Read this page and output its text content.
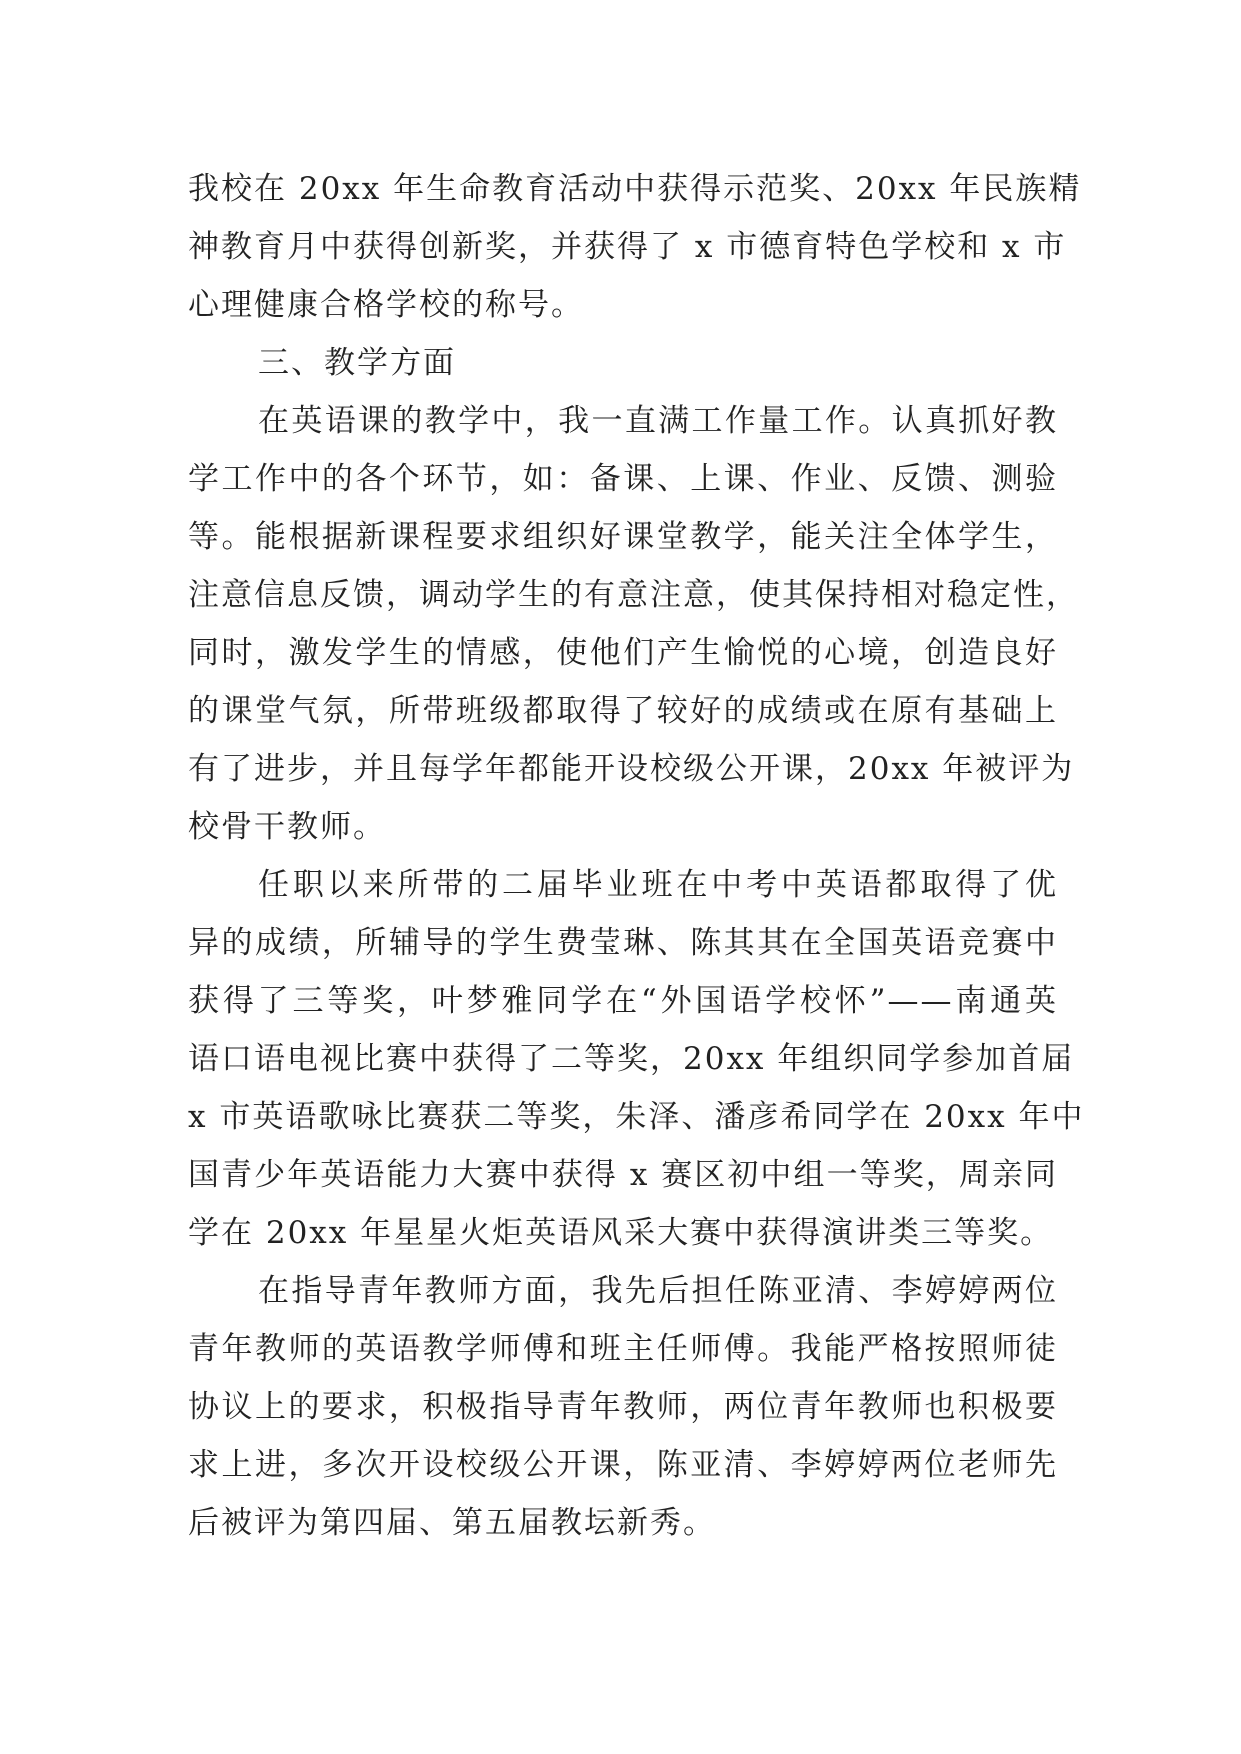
我校在 20xx 年生命教育活动中获得示范奖、20xx 年民族精
神教育月中获得创新奖，并获得了 x 市德育特色学校和 x 市
心理健康合格学校的称号。
三、教学方面
在英语课的教学中，我一直满工作量工作。认真抓好教
学工作中的各个环节，如：备课、上课、作业、反馈、测验
等。能根据新课程要求组织好课堂教学，能关注全体学生，
注意信息反馈，调动学生的有意注意，使其保持相对稳定性，
同时，激发学生的情感，使他们产生愉悦的心境，创造良好
的课堂气氛，所带班级都取得了较好的成绩或在原有基础上
有了进步，并且每学年都能开设校级公开课，20xx 年被评为
校骨干教师。
任职以来所带的二届毕业班在中考中英语都取得了优
异的成绩，所辅导的学生费莹琳、陈其其在全国英语竞赛中
获得了三等奖，叶梦雅同学在“外国语学校怀”——南通英
语口语电视比赛中获得了二等奖，20xx 年组织同学参加首届
x 市英语歌咏比赛获二等奖，朱泽、潘彦希同学在 20xx 年中
国青少年英语能力大赛中获得 x 赛区初中组一等奖，周亲同
学在 20xx 年星星火炬英语风采大赛中获得演讲类三等奖。
在指导青年教师方面，我先后担任陈亚清、李婷婷两位
青年教师的英语教学师傅和班主任师傅。我能严格按照师徒
协议上的要求，积极指导青年教师，两位青年教师也积极要
求上进，多次开设校级公开课，陈亚清、李婷婷两位老师先
后被评为第四届、第五届教坛新秀。
